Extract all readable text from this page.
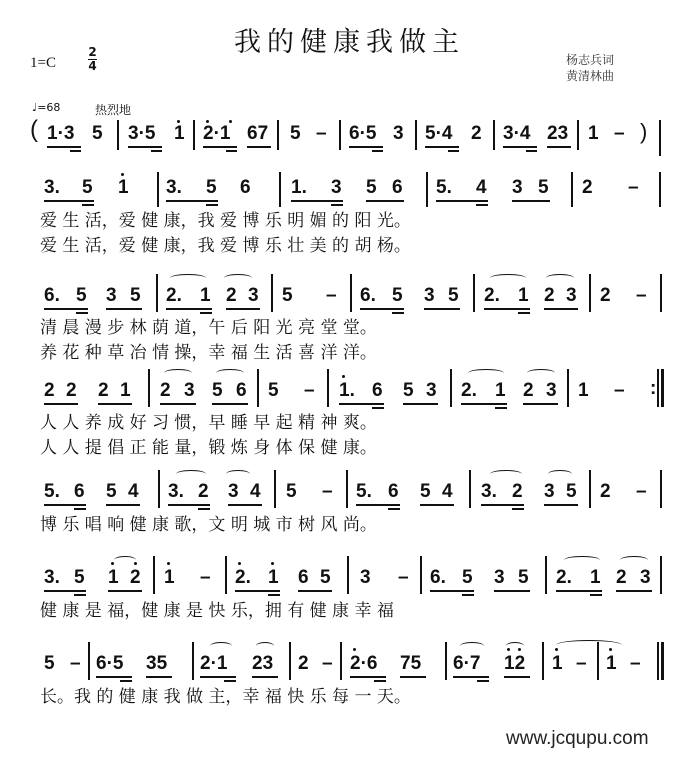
我的健康我做主
1=C
2
4	杨志兵词
黄清林曲
♩=68	热烈地
( 1·3 5 3·5 1 2·1 67 5 – 6·5 3 5·4 2 3·4 23 1 – )
3. 5 1 3. 5 6 1. 3 5 6 5. 4 3 5 2 –
爱 生 活，爱 健 康，我 爱 博 乐 明 媚 的 阳 光。
爱 生 活，爱 健 康，我 爱 博 乐 壮 美 的 胡 杨。
6. 5 3 5 2. 1 2 3 5 – 6. 5 3 5 2. 1 2 3 2 –
清 晨 漫 步 林 荫 道，午 后 阳 光 亮 堂 堂。
养 花 种 草 冶 情 操，幸 福 生 活 喜 洋 洋。
2 2 2 1 2 3 5 6 5 – 1. 6 5 3 2. 1 2 3 1 – :
人 人 养 成 好 习 惯，早 睡 早 起 精 神 爽。
人 人 提 倡 正 能 量，锻 炼 身 体 保 健 康。
5. 6 5 4 3. 2 3 4 5 – 5. 6 5 4 3. 2 3 5 2 –
博 乐 唱 响 健 康 歌，文 明 城 市 树 风 尚。
3. 5 1 2 1 – 2. 1 6 5 3 – 6. 5 3 5 2. 1 2 3
健 康 是 福，健 康 是 快 乐，拥 有 健 康 幸 福
5 – 6·5 35 2·1 23 2 – 2·6 75 6·7 12 1 – 1 –
长。我 的 健 康 我 做 主，幸 福 快 乐 每 一 天。
www.jcqupu.com
